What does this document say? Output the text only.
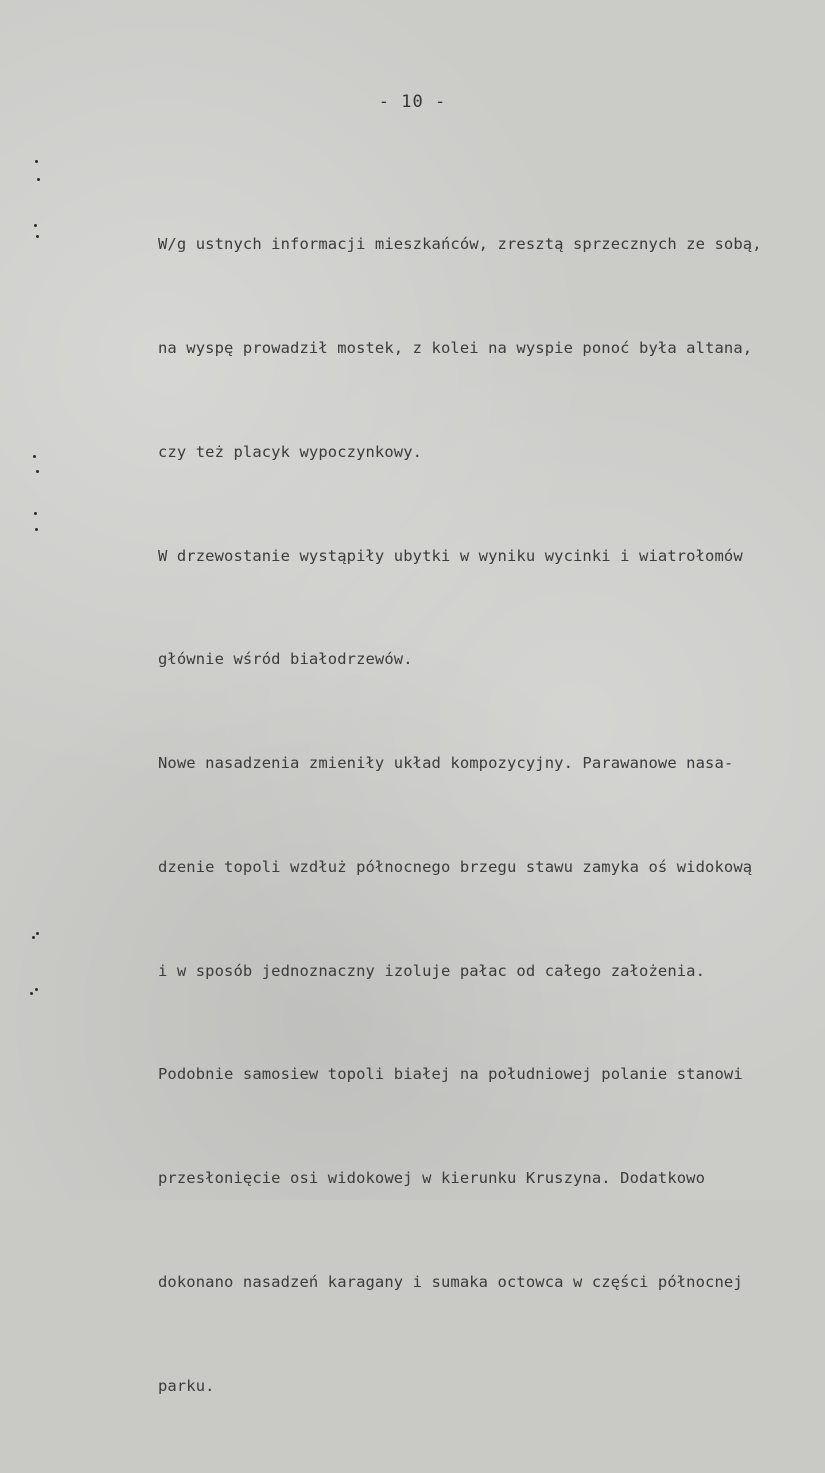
- 10 -

W/g ustnych informacji mieszkańców, zresztą sprzecznych ze sobą,

na wyspę prowadził mostek, z kolei na wyspie ponoć była altana,

czy też placyk wypoczynkowy.

W drzewostanie wystąpiły ubytki w wyniku wycinki i wiatrołomów

głównie wśród białodrzewów.

Nowe nasadzenia zmieniły układ kompozycyjny. Parawanowe nasa-

dzenie topoli wzdłuż północnego brzegu stawu zamyka oś widokową

i w sposób jednoznaczny izoluje pałac od całego założenia.

Podobnie samosiew topoli białej na południowej polanie stanowi

przesłonięcie osi widokowej w kierunku Kruszyna. Dodatkowo

dokonano nasadzeń karagany i sumaka octowca w części północnej

parku.
